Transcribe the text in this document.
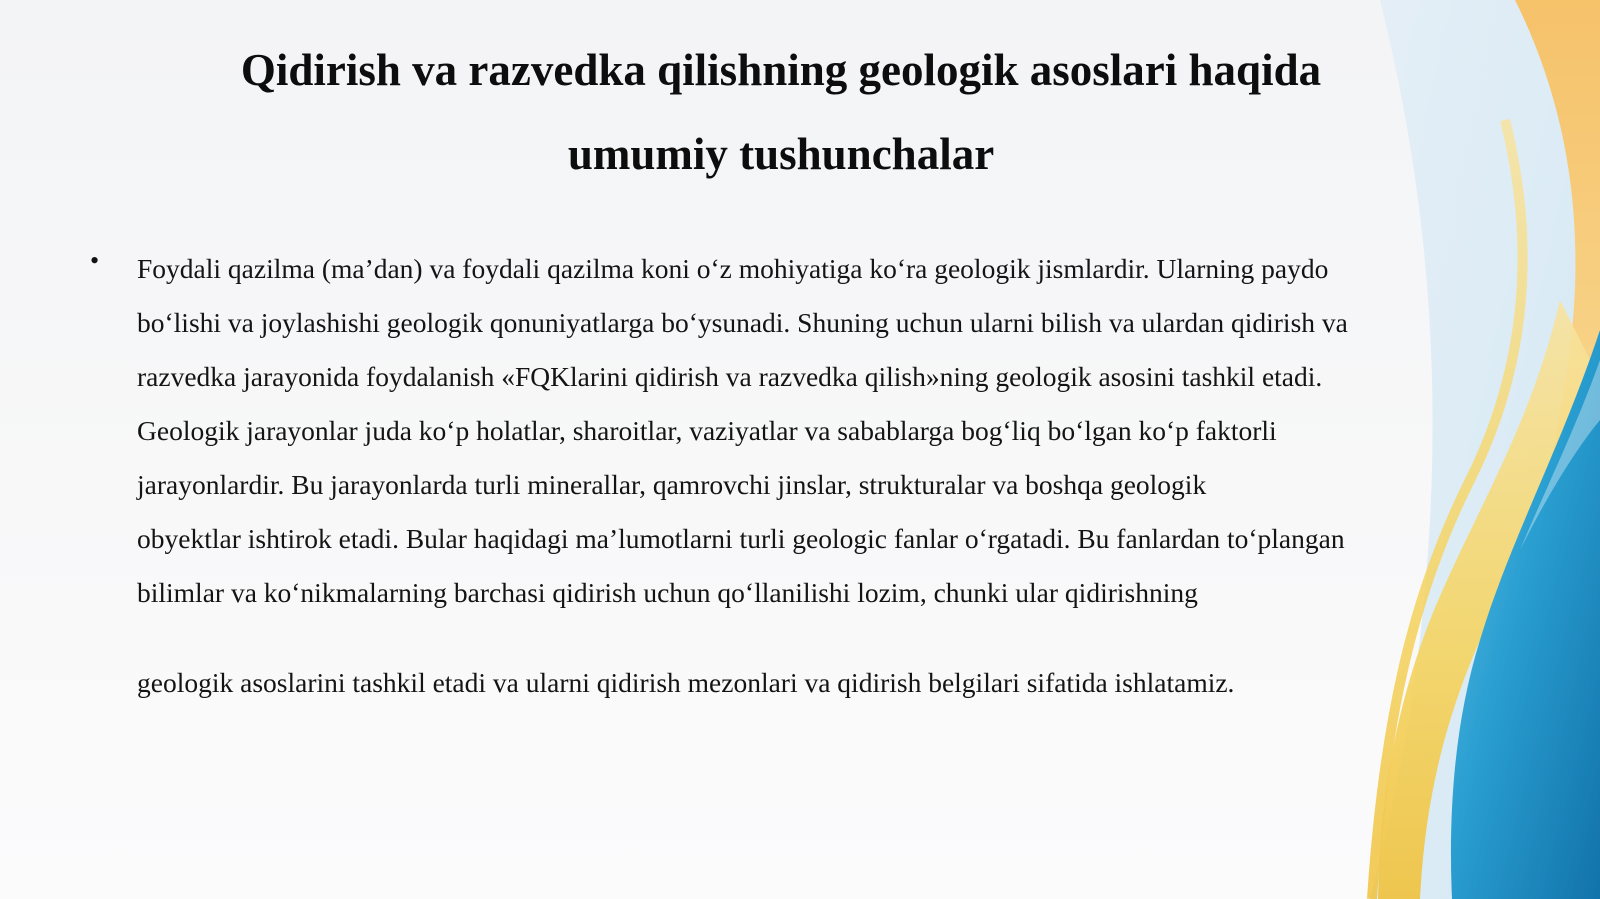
Qidirish va razvedka qilishning geologik asoslari haqida
umumiy tushunchalar
• Foydali qazilma (ma’dan) va foydali qazilma koni o‘z mohiyatiga ko‘ra geologik jismlardir. Ularning paydo
bo‘lishi va joylashishi geologik qonuniyatlarga bo‘ysunadi. Shuning uchun ularni bilish va ulardan qidirish va
razvedka jarayonida foydalanish «FQKlarini qidirish va razvedka qilish»ning geologik asosini tashkil etadi.
Geologik jarayonlar juda ko‘p holatlar, sharoitlar, vaziyatlar va sabablarga bog‘liq bo‘lgan ko‘p faktorli
jarayonlardir. Bu jarayonlarda turli minerallar, qamrovchi jinslar, strukturalar va boshqa geologik
obyektlar ishtirok etadi. Bular haqidagi ma’lumotlarni turli geologic fanlar o‘rgatadi. Bu fanlardan to‘plangan
bilimlar va ko‘nikmalarning barchasi qidirish uchun qo‘llanilishi lozim, chunki ular qidirishning
geologik asoslarini tashkil etadi va ularni qidirish mezonlari va qidirish belgilari sifatida ishlatamiz.
